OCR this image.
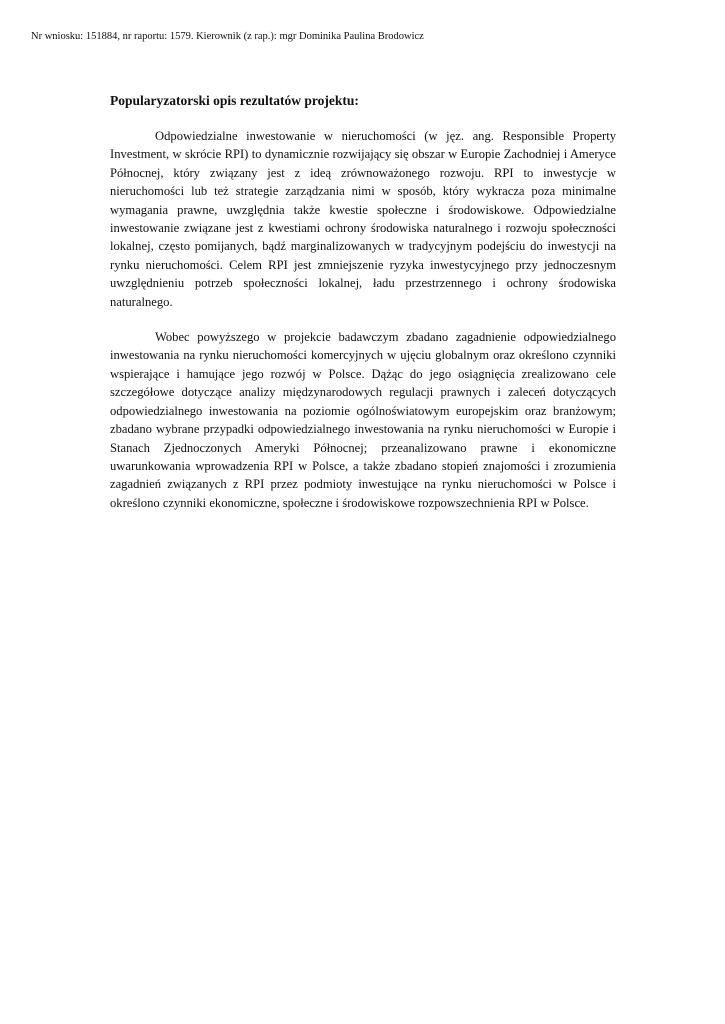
Nr wniosku: 151884, nr raportu: 1579. Kierownik (z rap.): mgr Dominika Paulina Brodowicz
Popularyzatorski opis rezultatów projektu:

Odpowiedzialne inwestowanie w nieruchomości (w jęz. ang. Responsible Property Investment, w skrócie RPI) to dynamicznie rozwijający się obszar w Europie Zachodniej i Ameryce Północnej, który związany jest z ideą zrównoważonego rozwoju. RPI to inwestycje w nieruchomości lub też strategie zarządzania nimi w sposób, który wykracza poza minimalne wymagania prawne, uwzględnia także kwestie społeczne i środowiskowe. Odpowiedzialne inwestowanie związane jest z kwestiami ochrony środowiska naturalnego i rozwoju społeczności lokalnej, często pomijanych, bądź marginalizowanych w tradycyjnym podejściu do inwestycji na rynku nieruchomości. Celem RPI jest zmniejszenie ryzyka inwestycyjnego przy jednoczesnym uwzględnieniu potrzeb społeczności lokalnej, ładu przestrzennego i ochrony środowiska naturalnego.

Wobec powyższego w projekcie badawczym zbadano zagadnienie odpowiedzialnego inwestowania na rynku nieruchomości komercyjnych w ujęciu globalnym oraz określono czynniki wspierające i hamujące jego rozwój w Polsce. Dążąc do jego osiągnięcia zrealizowano cele szczegółowe dotyczące analizy międzynarodowych regulacji prawnych i zaleceń dotyczących odpowiedzialnego inwestowania na poziomie ogólnoświatowym europejskim oraz branżowym; zbadano wybrane przypadki odpowiedzialnego inwestowania na rynku nieruchomości w Europie i Stanach Zjednoczonych Ameryki Północnej; przeanalizowano prawne i ekonomiczne uwarunkowania wprowadzenia RPI w Polsce, a także zbadano stopień znajomości i zrozumienia zagadnień związanych z RPI przez podmioty inwestujące na rynku nieruchomości w Polsce i określono czynniki ekonomiczne, społeczne i środowiskowe rozpowszechnienia RPI w Polsce.
